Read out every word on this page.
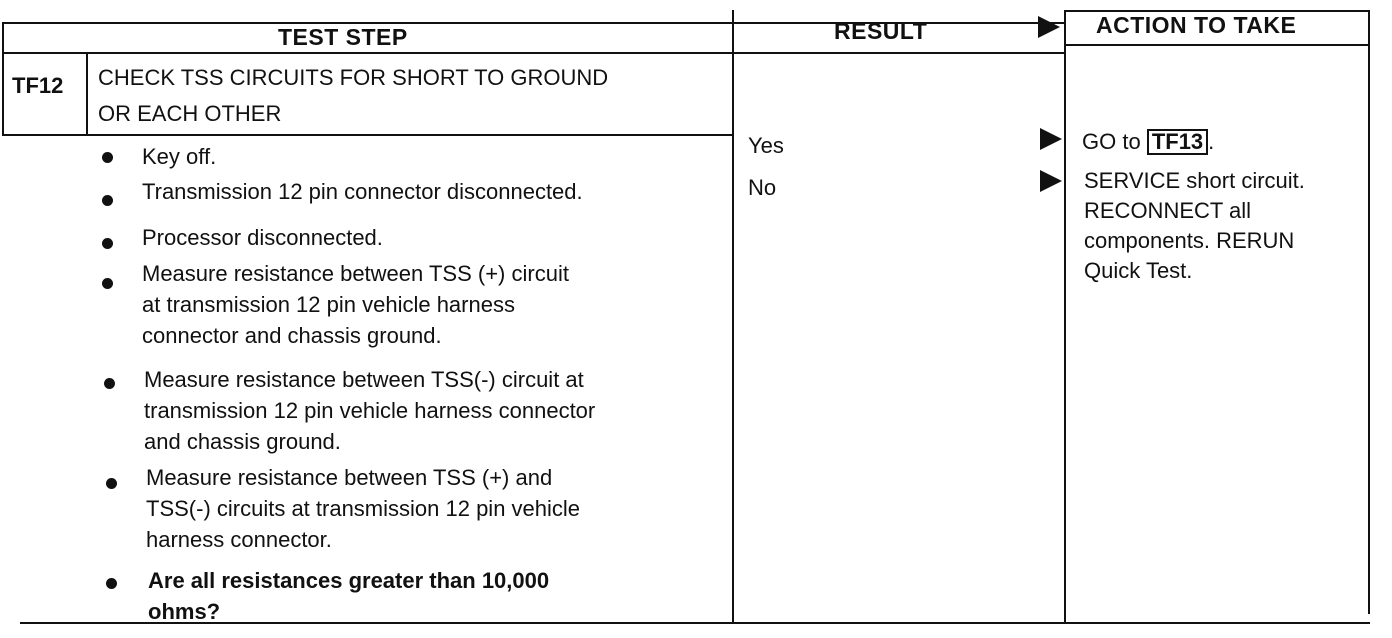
TEST STEP	RESULT	ACTION TO TAKE
TF12 CHECK TSS CIRCUITS FOR SHORT TO GROUND
OR EACH OTHER
Key off.
Transmission 12 pin connector disconnected.
Processor disconnected.
Measure resistance between TSS (+) circuit
at transmission 12 pin vehicle harness
connector and chassis ground.
Measure resistance between TSS(-) circuit at
transmission 12 pin vehicle harness connector
and chassis ground.
Measure resistance between TSS (+) and
TSS(-) circuits at transmission 12 pin vehicle
harness connector.
Are all resistances greater than 10,000
ohms?
Yes
No
GO to TF13 .
SERVICE short circuit.
RECONNECT all
components. RERUN
Quick Test.
